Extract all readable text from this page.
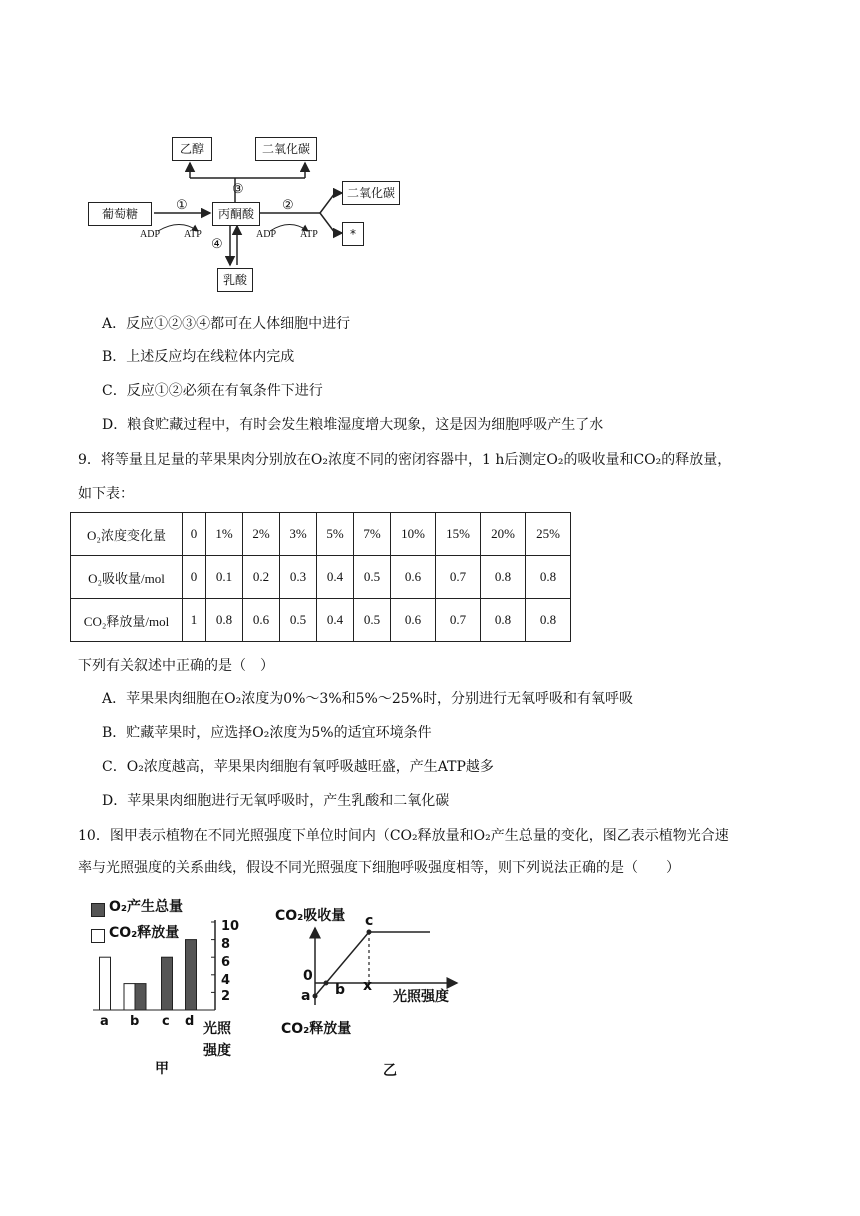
乙醇	二氧化碳
葡萄糖	丙酮酸
二氧化碳
*
乳酸
①	②
③
④
ADP ATP	ADP ATP
A．反应①②③④都可在人体细胞中进行
B．上述反应均在线粒体内完成
C．反应①②必须在有氧条件下进行
D．粮食贮藏过程中，有时会发生粮堆湿度增大现象，这是因为细胞呼吸产生了水
9．将等量且足量的苹果果肉分别放在O₂浓度不同的密闭容器中，1 h后测定O₂的吸收量和CO₂的释放量，
如下表：
O₂浓度变化量	0	1%	2%	3%	5%	7%	10%	15%	20%	25%
O₂吸收量/mol	0	0.1	0.2	0.3	0.4	0.5	0.6	0.7	0.8	0.8
CO₂释放量/mol	1	0.8	0.6	0.5	0.4	0.5	0.6	0.7	0.8	0.8
下列有关叙述中正确的是（　）
A．苹果果肉细胞在O₂浓度为0%～3%和5%～25%时，分别进行无氧呼吸和有氧呼吸
B．贮藏苹果时，应选择O₂浓度为5%的适宜环境条件
C．O₂浓度越高，苹果果肉细胞有氧呼吸越旺盛，产生ATP越多
D．苹果果肉细胞进行无氧呼吸时，产生乳酸和二氧化碳
10．图甲表示植物在不同光照强度下单位时间内（CO₂释放量和O₂产生总量的变化，图乙表示植物光合速
率与光照强度的关系曲线，假设不同光照强度下细胞呼吸强度相等，则下列说法正确的是（　　）
O₂产生总量
CO₂释放量	10
8
6
4
2
a b c d 光照强度
甲
CO₂吸收量 c
0
a b x
光照强度
CO₂释放量
乙
